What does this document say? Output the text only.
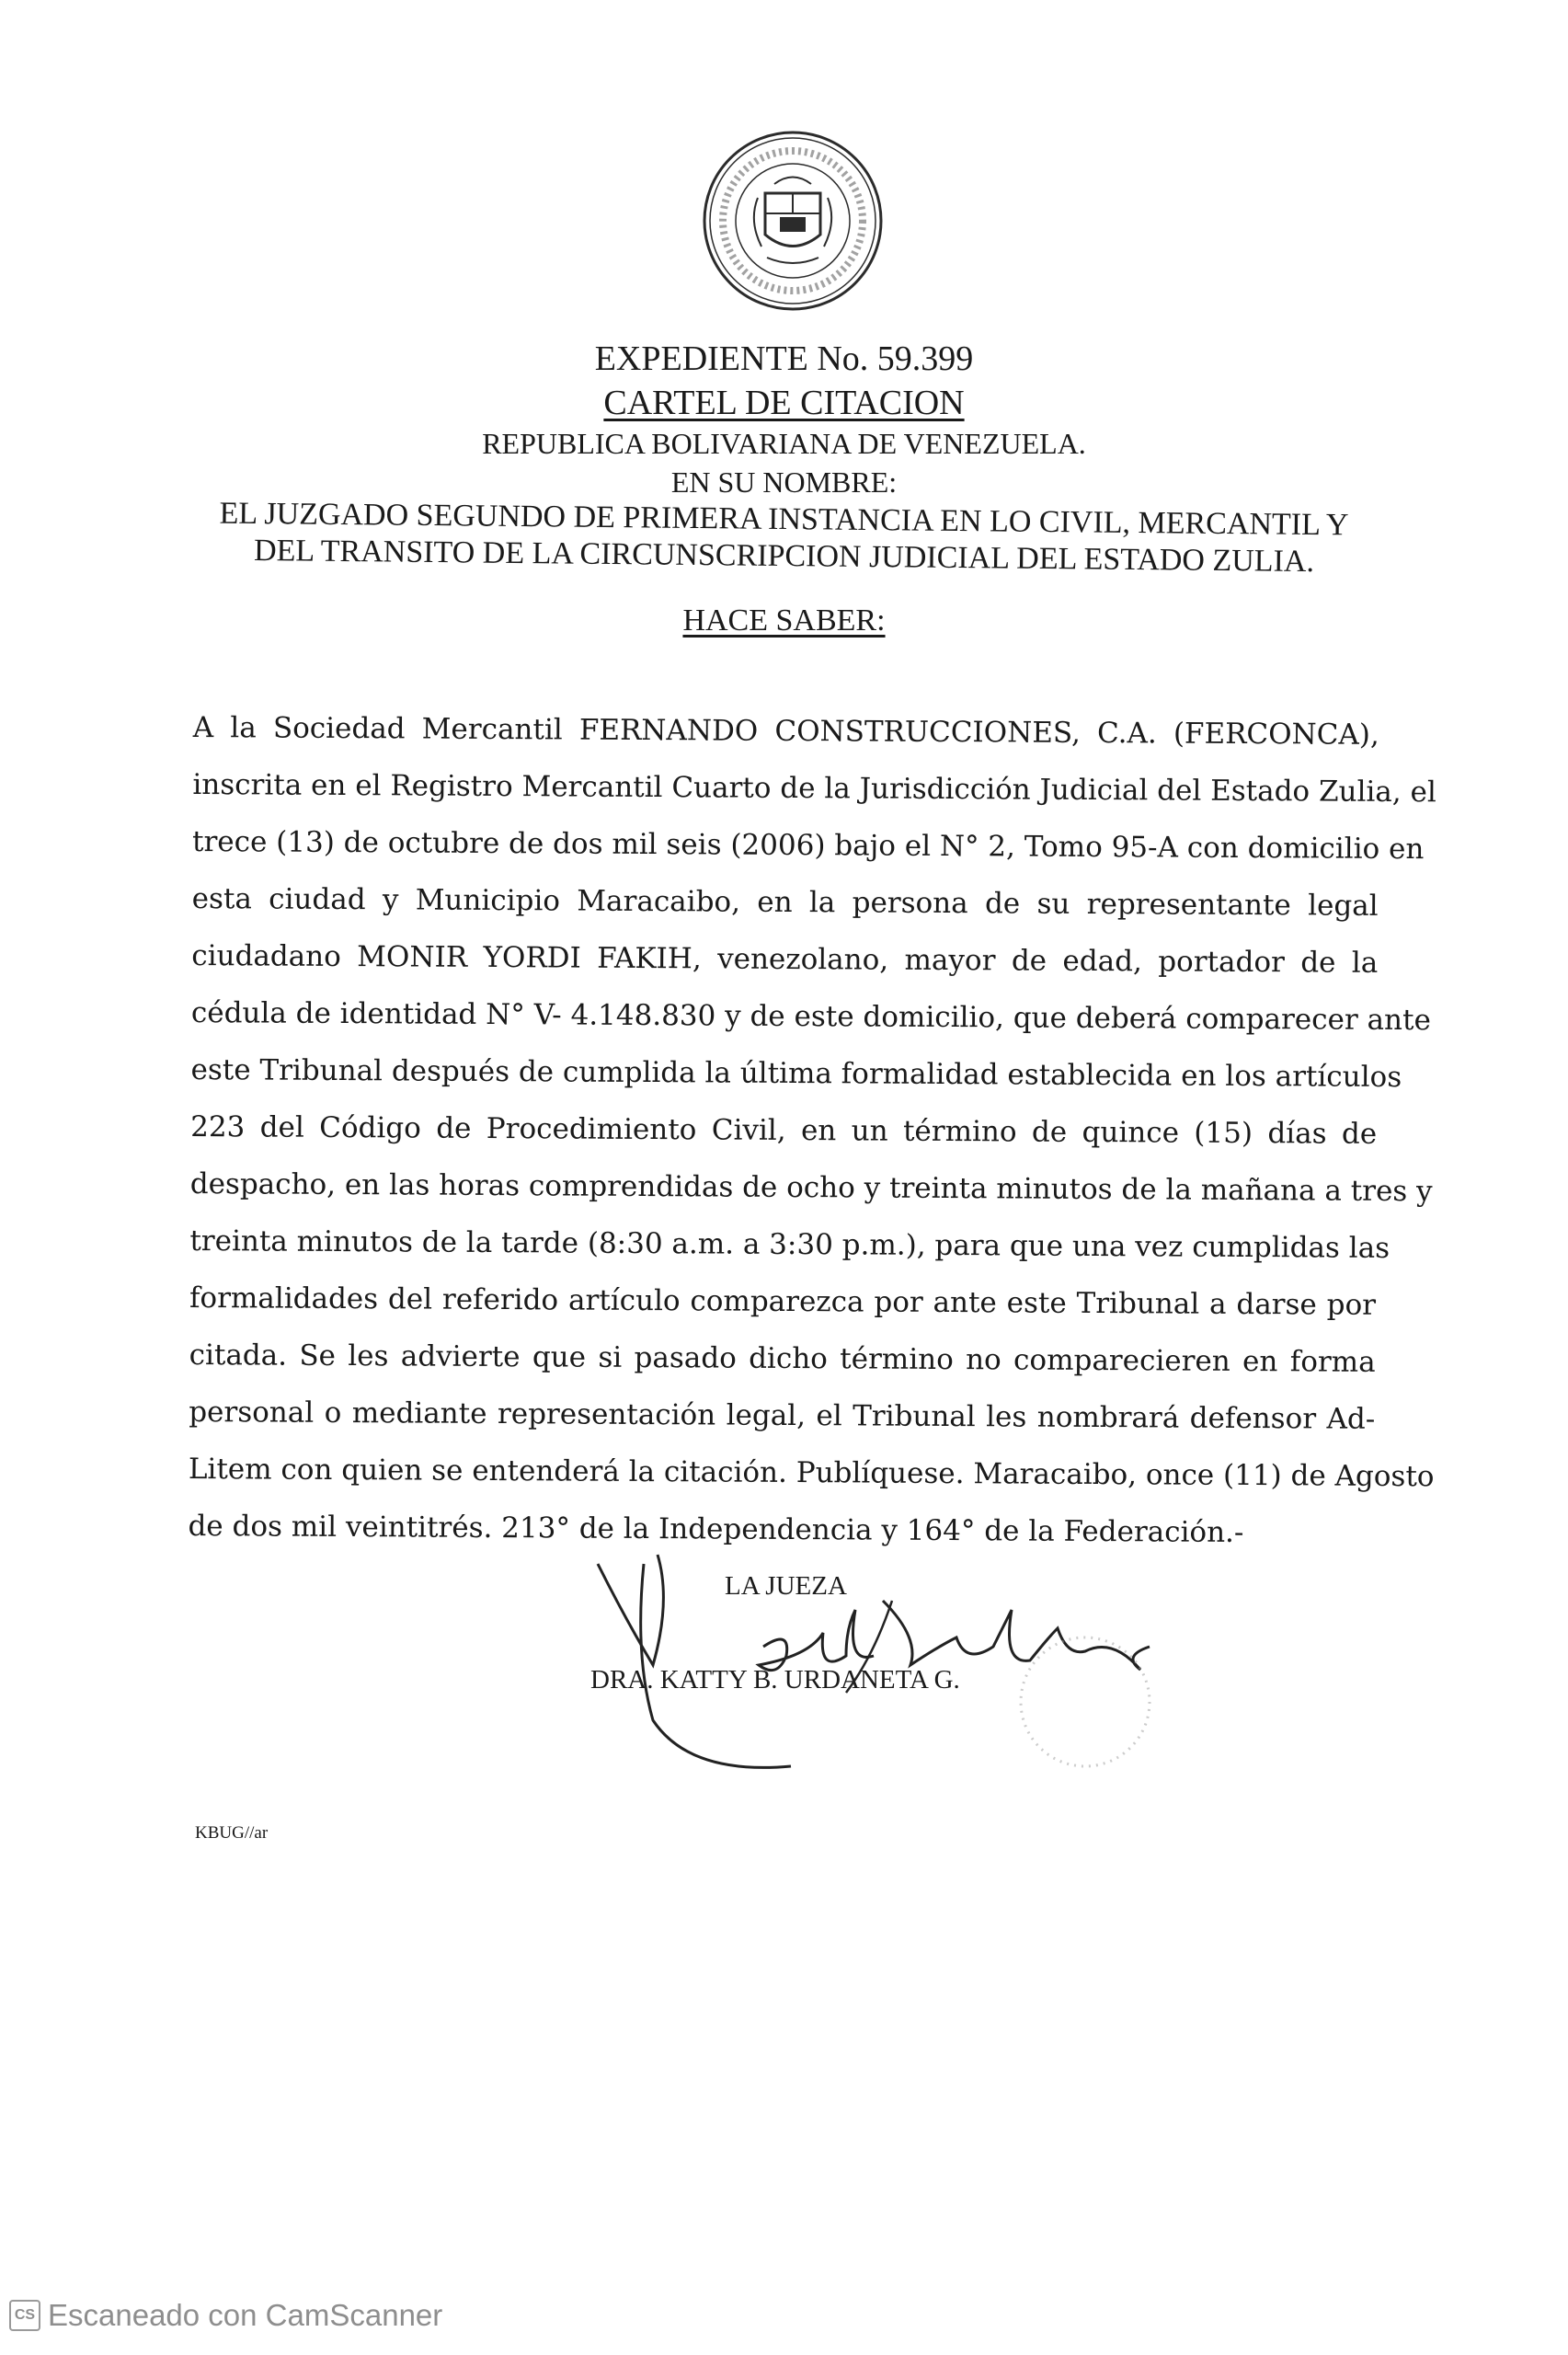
EXPEDIENTE No. 59.399
CARTEL DE CITACION
REPUBLICA BOLIVARIANA DE VENEZUELA.
EN SU NOMBRE:
EL JUZGADO SEGUNDO DE PRIMERA INSTANCIA EN LO CIVIL, MERCANTIL Y
DEL TRANSITO DE LA CIRCUNSCRIPCION JUDICIAL DEL ESTADO ZULIA.
HACE SABER:
A la Sociedad Mercantil FERNANDO CONSTRUCCIONES, C.A. (FERCONCA),
inscrita en el Registro Mercantil Cuarto de la Jurisdicción Judicial del Estado Zulia, el
trece (13) de octubre de dos mil seis (2006) bajo el N° 2, Tomo 95-A con domicilio en
esta ciudad y Municipio Maracaibo, en la persona de su representante legal
ciudadano MONIR YORDI FAKIH, venezolano, mayor de edad, portador de la
cédula de identidad N° V- 4.148.830 y de este domicilio, que deberá comparecer ante
este Tribunal después de cumplida la última formalidad establecida en los artículos
223 del Código de Procedimiento Civil, en un término de quince (15) días de
despacho, en las horas comprendidas de ocho y treinta minutos de la mañana a tres y
treinta minutos de la tarde (8:30 a.m. a 3:30 p.m.), para que una vez cumplidas las
formalidades del referido artículo comparezca por ante este Tribunal a darse por
citada. Se les advierte que si pasado dicho término no comparecieren en forma
personal o mediante representación legal, el Tribunal les nombrará defensor Ad-
Litem con quien se entenderá la citación. Publíquese. Maracaibo, once (11) de Agosto
de dos mil veintitrés. 213° de la Independencia y 164° de la Federación.-
LA JUEZA
DRA. KATTY B. URDANETA G.
KBUG//ar
CS Escaneado con CamScanner
